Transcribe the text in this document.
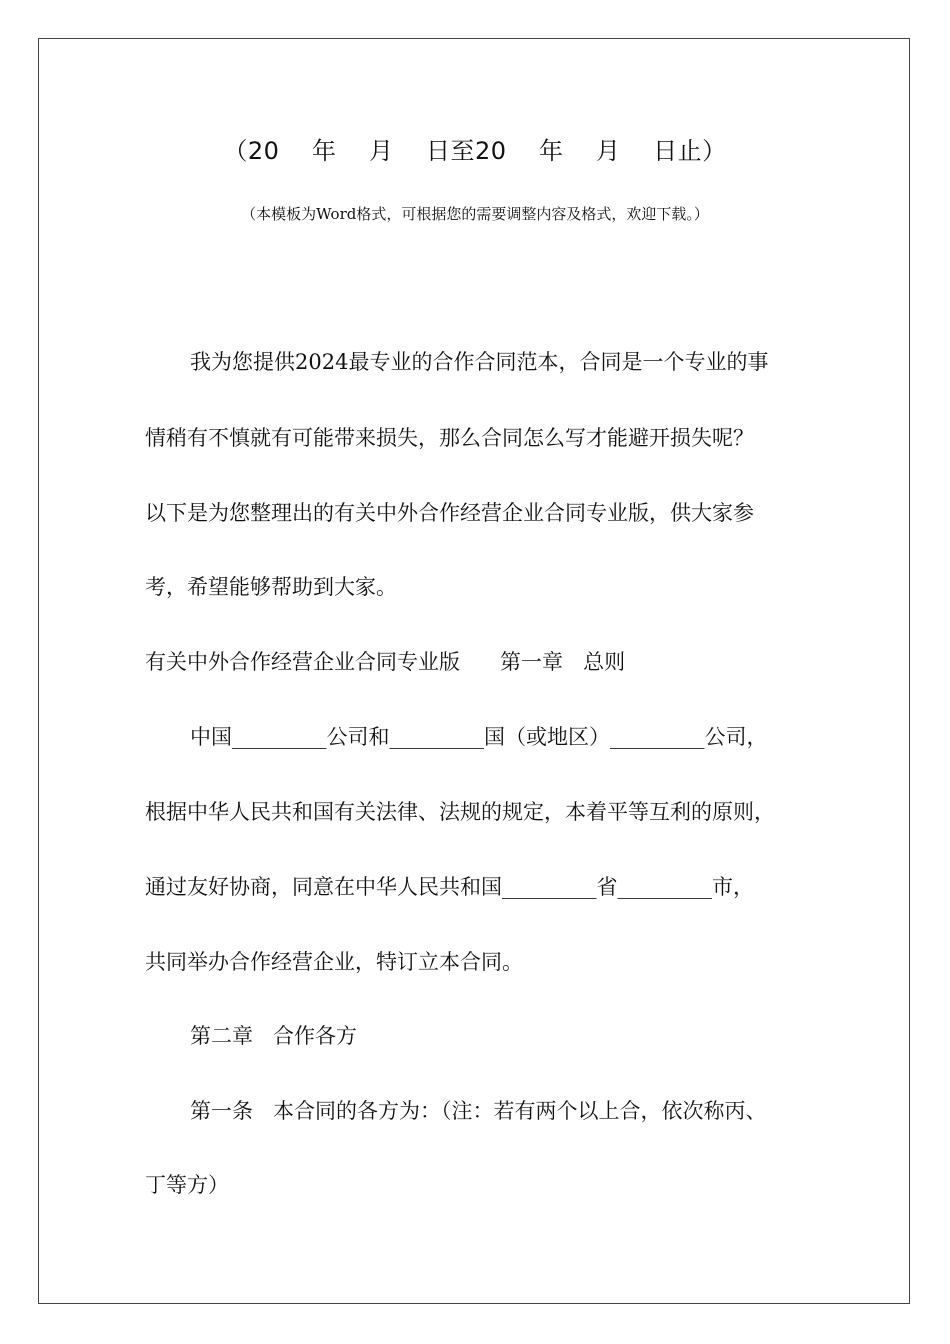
（20    年    月    日至20    年    月    日止）
（本模板为Word格式，可根据您的需要调整内容及格式，欢迎下载。）
我为您提供2024最专业的合作合同范本，合同是一个专业的事
情稍有不慎就有可能带来损失，那么合同怎么写才能避开损失呢？
以下是为您整理出的有关中外合作经营企业合同专业版，供大家参
考，希望能够帮助到大家。
有关中外合作经营企业合同专业版      第一章   总则
中国_________公司和_________国（或地区）_________公司，
根据中华人民共和国有关法律、法规的规定，本着平等互利的原则，
通过友好协商，同意在中华人民共和国_________省_________市，
共同举办合作经营企业，特订立本合同。
第二章   合作各方
第一条   本合同的各方为：（注：若有两个以上合，依次称丙、
丁等方）
